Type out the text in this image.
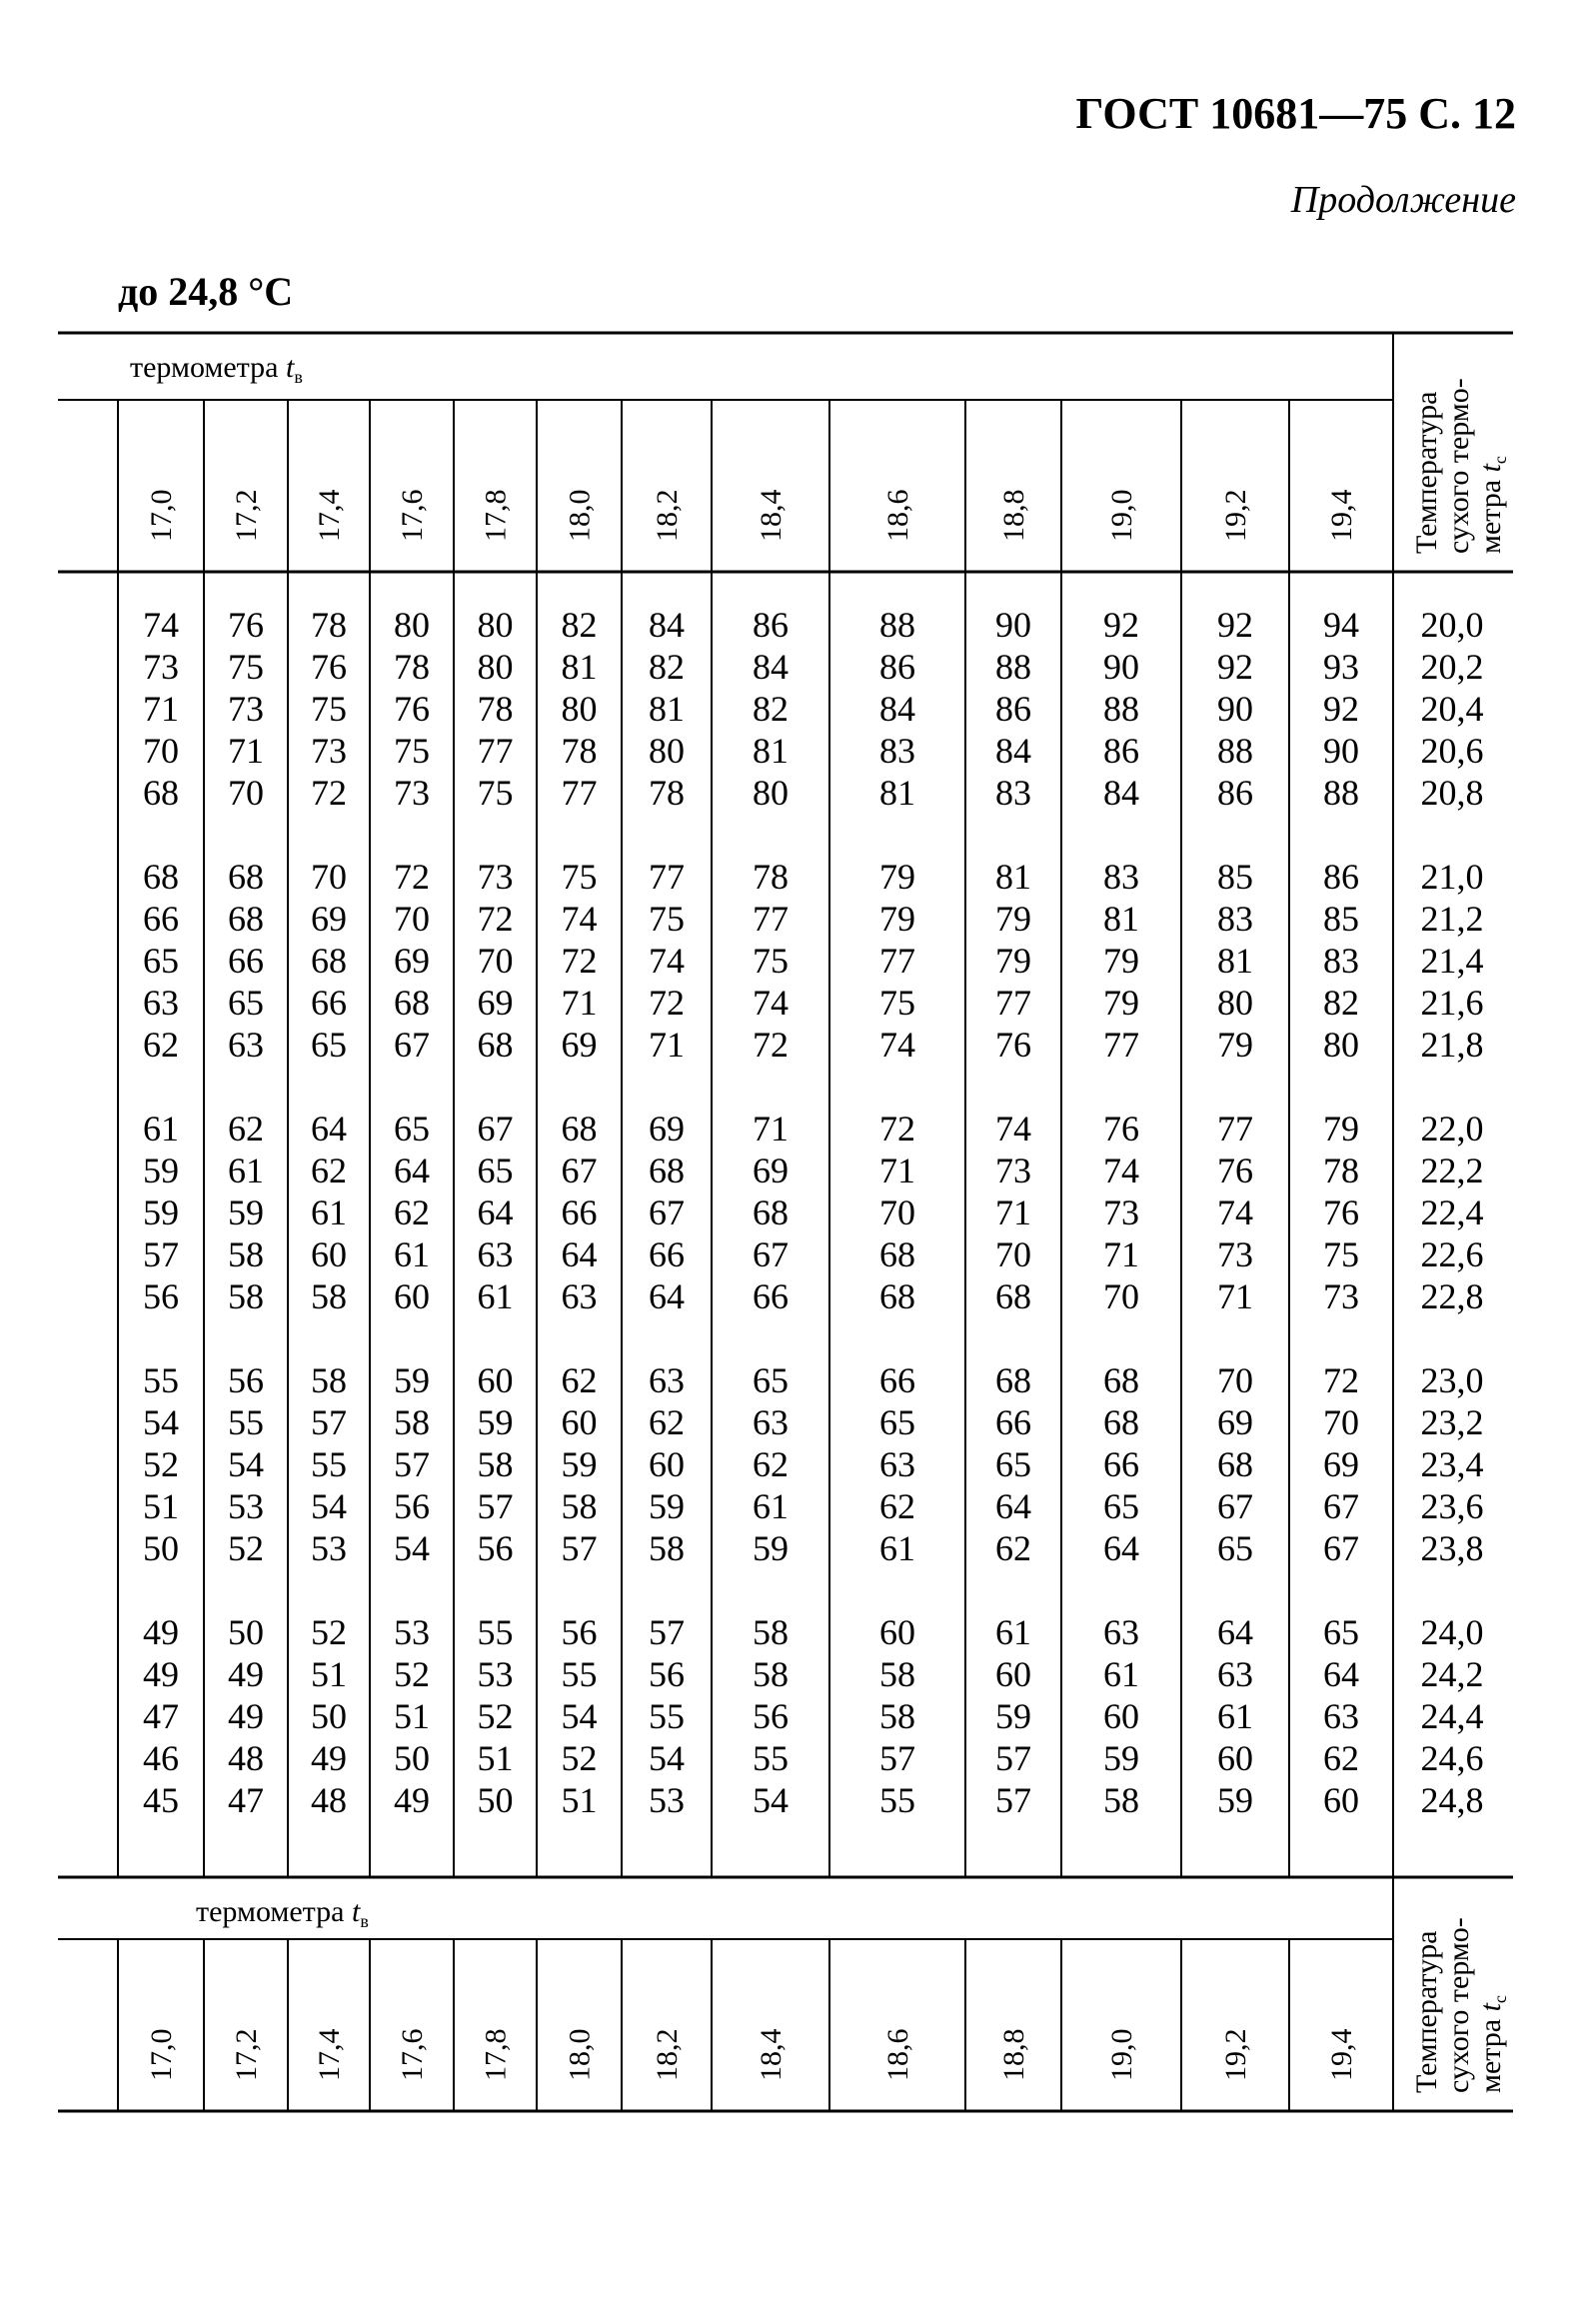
ГОСТ 10681—75 С. 12
Продолжение
до 24,8 °C
термометра $t_в$
17,0 17,2 17,4 17,6 17,8 18,0 18,2 18,4	18,6	18,8	19,0	19,2 19,4 Температура сухого термо- метра $t_с$
74 76 78 80 80 82 84 86	88 90 92 92 94 20,0
73 75 76 78 80 81 82 84	86 88 90 92 93 20,2
71 73 75 76 78 80 81 82	84 86 88 90 92 20,4
70 71 73 75 77 78 80 81	83 84 86 88 90 20,6
68 70 72 73 75 77 78 80	81 83 84 86 88 20,8
68 68 70 72 73 75 77 78	79 81 83 85 86 21,0
66 68 69 70 72 74 75 77	79 79 81 83 85 21,2
65 66 68 69 70 72 74 75	77 79 79 81 83 21,4
63 65 66 68 69 71 72 74	75 77 79 80 82 21,6
62 63 65 67 68 69 71 72	74 76 77 79 80 21,8
61 62 64 65 67 68 69 71	72 74 76 77 79 22,0
59 61 62 64 65 67 68 69	71 73 74 76 78 22,2
59 59 61 62 64 66 67 68	70 71 73 74 76 22,4
57 58 60 61 63 64 66 67	68 70 71 73 75 22,6
56 58 58 60 61 63 64 66	68 68 70 71 73 22,8
55 56 58 59 60 62 63 65	66 68 68 70 72 23,0
54 55 57 58 59 60 62 63	65 66 68 69 70 23,2
52 54 55 57 58 59 60 62	63 65 66 68 69 23,4
51 53 54 56 57 58 59 61	62 64 65 67 67 23,6
50 52 53 54 56 57 58 59	61 62 64 65 67 23,8
49 50 52 53 55 56 57 58	60 61 63 64 65 24,0
49 49 51 52 53 55 56 58	58 60 61 63 64 24,2
47 49 50 51 52 54 55 56	58 59 60 61 63 24,4
46 48 49 50 51 52 54 55	57 57 59 60 62 24,6
45 47 48 49 50 51 53 54	55 57 58 59 60 24,8
термометра $t_в$
17,0 17,2 17,4 17,6 17,8 18,0 18,2 18,4	18,6	18,8	19,0	19,2 19,4 Температура сухого термо- метра $t_с$
